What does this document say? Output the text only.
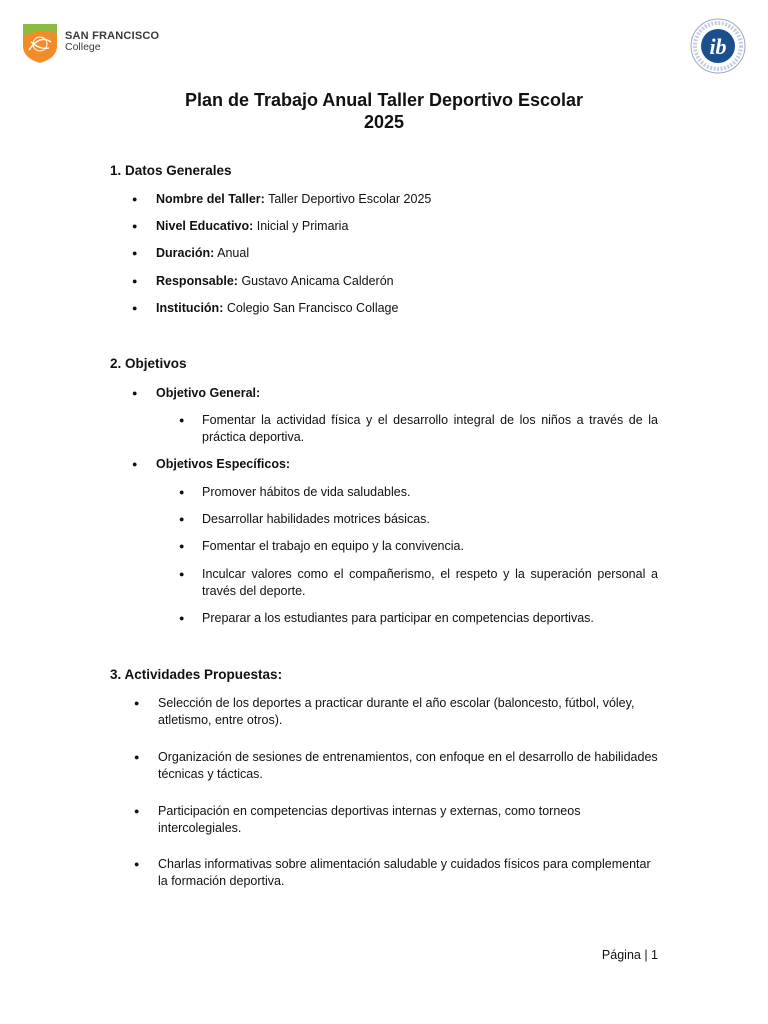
SAN FRANCISCO
College	ib
Plan de Trabajo Anual Taller Deportivo Escolar
2025
1. Datos Generales
● Nombre del Taller: Taller Deportivo Escolar 2025
● Nivel Educativo: Inicial y Primaria
● Duración: Anual
● Responsable: Gustavo Anicama Calderón
● Institución: Colegio San Francisco Collage
2. Objetivos
● Objetivo General:
● Fomentar la actividad física y el desarrollo integral de los niños a través de la práctica deportiva.
● Objetivos Específicos:
● Promover hábitos de vida saludables.
● Desarrollar habilidades motrices básicas.
● Fomentar el trabajo en equipo y la convivencia.
● Inculcar valores como el compañerismo, el respeto y la superación personal a través del deporte.
● Preparar a los estudiantes para participar en competencias deportivas.
3. Actividades Propuestas:
● Selección de los deportes a practicar durante el año escolar (baloncesto, fútbol, vóley, atletismo, entre otros).
● Organización de sesiones de entrenamientos, con enfoque en el desarrollo de habilidades técnicas y tácticas.
● Participación en competencias deportivas internas y externas, como torneos intercolegiales.
● Charlas informativas sobre alimentación saludable y cuidados físicos para complementar la formación deportiva.
Página | 1
